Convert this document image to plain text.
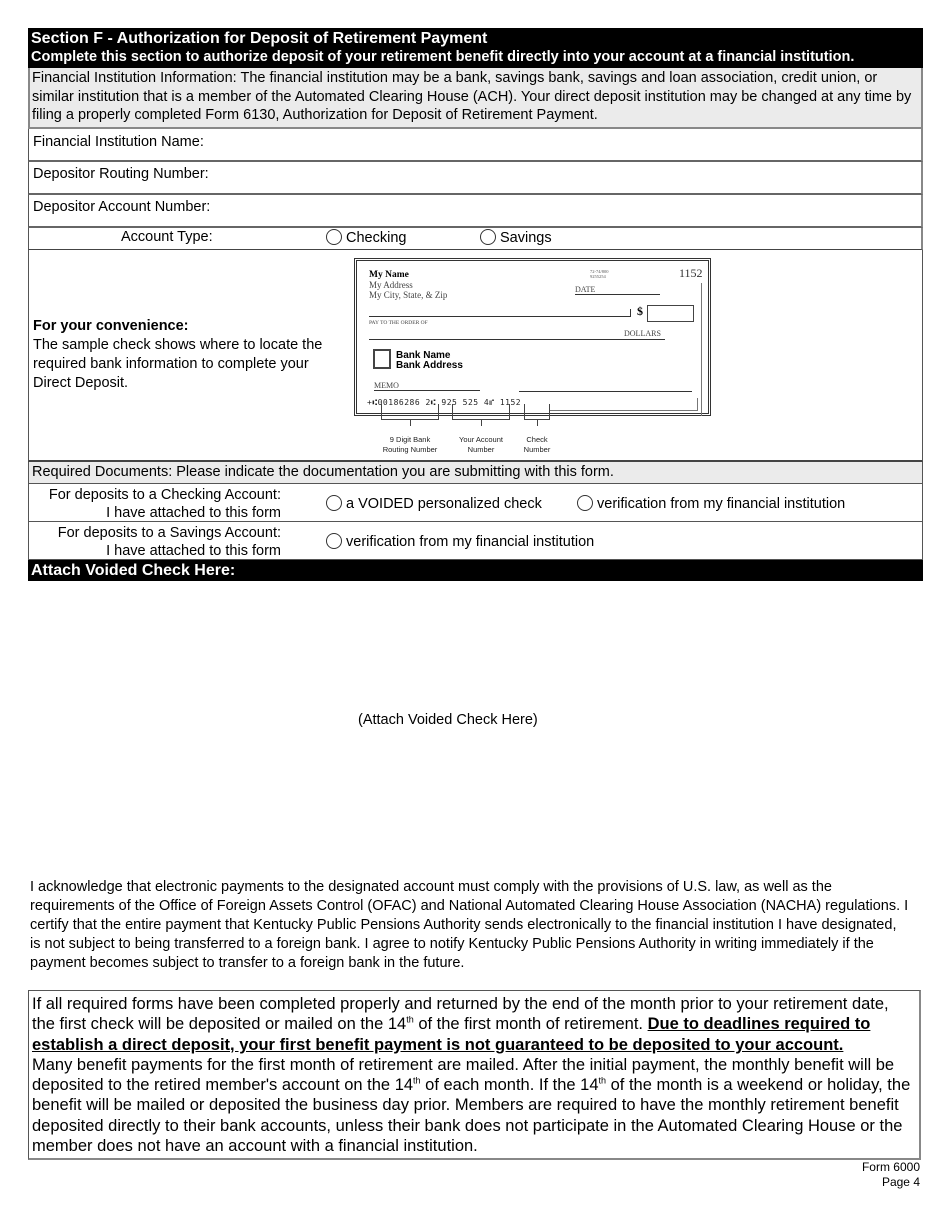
Section F - Authorization for Deposit of Retirement Payment
Complete this section to authorize deposit of your retirement benefit directly into your account at a financial institution.
Financial Institution Information: The financial institution may be a bank, savings bank, savings and loan association, credit union, or similar institution that is a member of the Automated Clearing House (ACH). Your direct deposit institution may be changed at any time by filing a properly completed Form 6130, Authorization for Deposit of Retirement Payment.
Financial Institution Name:
Depositor Routing Number:
Depositor Account Number:
Account Type:	Checking	Savings
For your convenience:
The sample check shows where to locate the required bank information to complete your Direct Deposit.
My Name
My Address
My City, State, & Zip
72-74/800
9255254	1152
DATE
$
PAY TO THE ORDER OF
DOLLARS
Bank Name
Bank Address
MEMO
+⑆00186286 2⑆ 925 525 4⑈ 1152
9 Digit Bank
Routing Number
Your Account
Number
Check
Number
Required Documents: Please indicate the documentation you are submitting with this form.
For deposits to a Checking Account:
I have attached to this form
a VOIDED personalized check	verification from my financial institution
For deposits to a Savings Account:
I have attached to this form
verification from my financial institution
Attach Voided Check Here:
(Attach Voided Check Here)
I acknowledge that electronic payments to the designated account must comply with the provisions of U.S. law, as well as the requirements of the Office of Foreign Assets Control (OFAC) and National Automated Clearing House Association (NACHA) regulations. I certify that the entire payment that Kentucky Public Pensions Authority sends electronically to the financial institution I have designated, is not subject to being transferred to a foreign bank. I agree to notify Kentucky Public Pensions Authority in writing immediately if the payment becomes subject to transfer to a foreign bank in the future.
If all required forms have been completed properly and returned by the end of the month prior to your retirement date, the first check will be deposited or mailed on the 14th of the first month of retirement. Due to deadlines required to establish a direct deposit, your first benefit payment is not guaranteed to be deposited to your account.
Many benefit payments for the first month of retirement are mailed. After the initial payment, the monthly benefit will be deposited to the retired member's account on the 14th of each month. If the 14th of the month is a weekend or holiday, the benefit will be mailed or deposited the business day prior. Members are required to have the monthly retirement benefit deposited directly to their bank accounts, unless their bank does not participate in the Automated Clearing House or the member does not have an account with a financial institution.
Form 6000
Page 4
